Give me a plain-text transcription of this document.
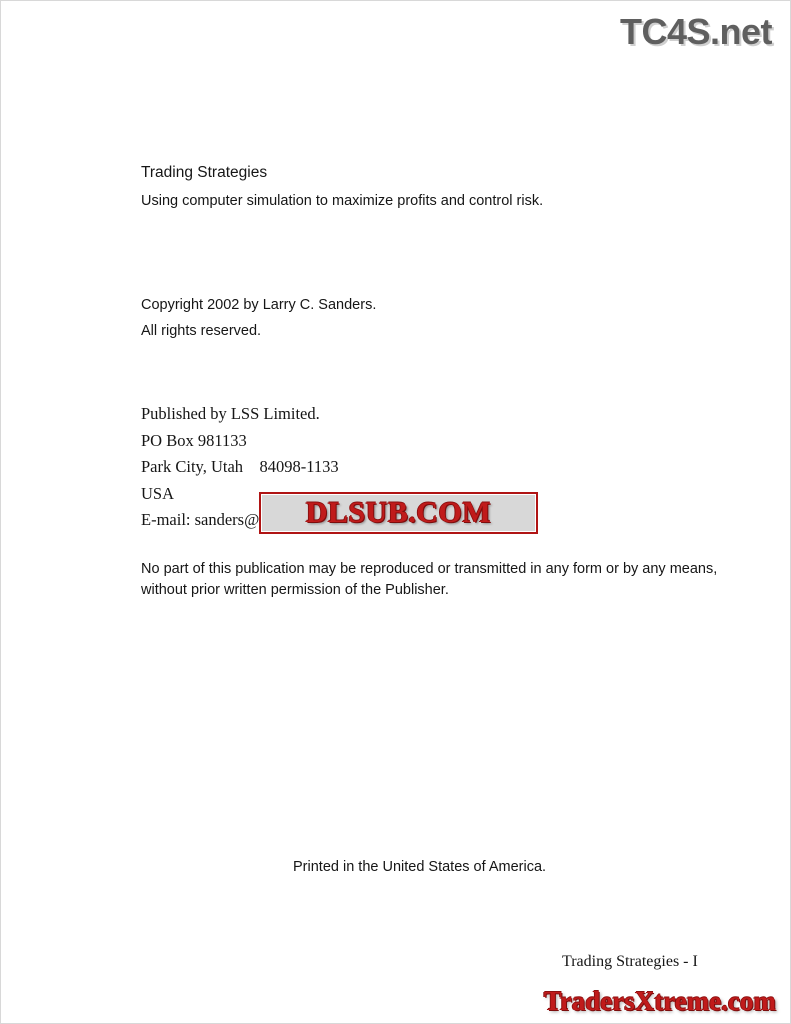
TC4S.net
Trading Strategies
Using computer simulation to maximize profits and control risk.
Copyright 2002 by Larry C. Sanders.
All rights reserved.
Published by LSS Limited.
PO Box 981133
Park City, Utah    84098-1133
USA
E-mail: sanders@	DLSUB.COM
No part of this publication may be reproduced or transmitted in any form or by any means, without prior written permission of the Publisher.
Printed in the United States of America.
Trading Strategies - I
TradersXtreme.com
